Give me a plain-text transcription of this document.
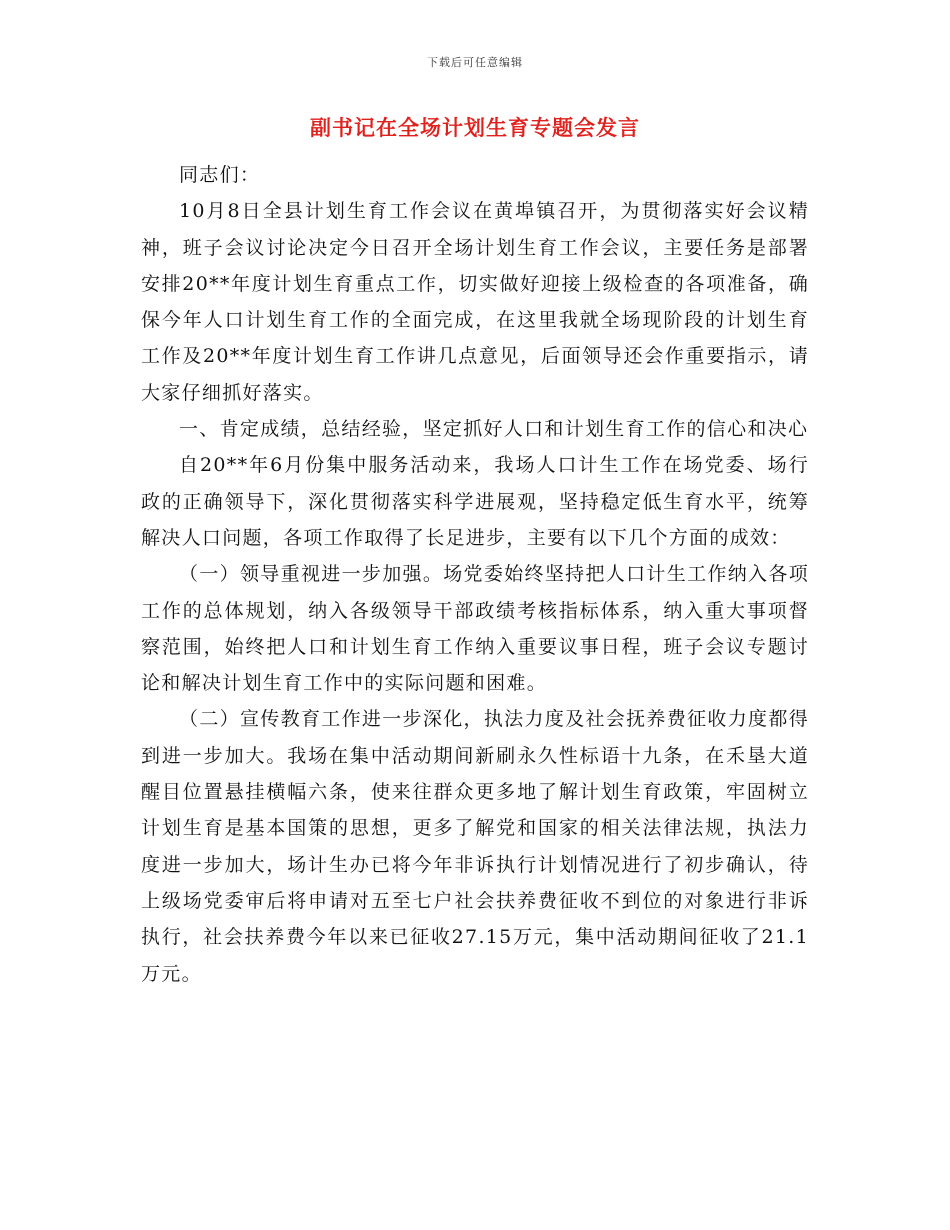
下载后可任意编辑
副书记在全场计划生育专题会发言

同志们：

10月8日全县计划生育工作会议在黄埠镇召开，为贯彻落实好会议精神，班子会议讨论决定今日召开全场计划生育工作会议，主要任务是部署安排20**年度计划生育重点工作，切实做好迎接上级检查的各项准备，确保今年人口计划生育工作的全面完成，在这里我就全场现阶段的计划生育工作及20**年度计划生育工作讲几点意见，后面领导还会作重要指示，请大家仔细抓好落实。

一、肯定成绩，总结经验，坚定抓好人口和计划生育工作的信心和决心

自20**年6月份集中服务活动来，我场人口计生工作在场党委、场行政的正确领导下，深化贯彻落实科学进展观，坚持稳定低生育水平，统筹解决人口问题，各项工作取得了长足进步，主要有以下几个方面的成效：

（一）领导重视进一步加强。场党委始终坚持把人口计生工作纳入各项工作的总体规划，纳入各级领导干部政绩考核指标体系，纳入重大事项督察范围，始终把人口和计划生育工作纳入重要议事日程，班子会议专题讨论和解决计划生育工作中的实际问题和困难。

（二）宣传教育工作进一步深化，执法力度及社会抚养费征收力度都得到进一步加大。我场在集中活动期间新刷永久性标语十九条，在禾垦大道醒目位置悬挂横幅六条，使来往群众更多地了解计划生育政策，牢固树立计划生育是基本国策的思想，更多了解党和国家的相关法律法规，执法力度进一步加大，场计生办已将今年非诉执行计划情况进行了初步确认，待上级场党委审后将申请对五至七户社会扶养费征收不到位的对象进行非诉执行，社会扶养费今年以来已征收27.15万元，集中活动期间征收了21.1万元。
